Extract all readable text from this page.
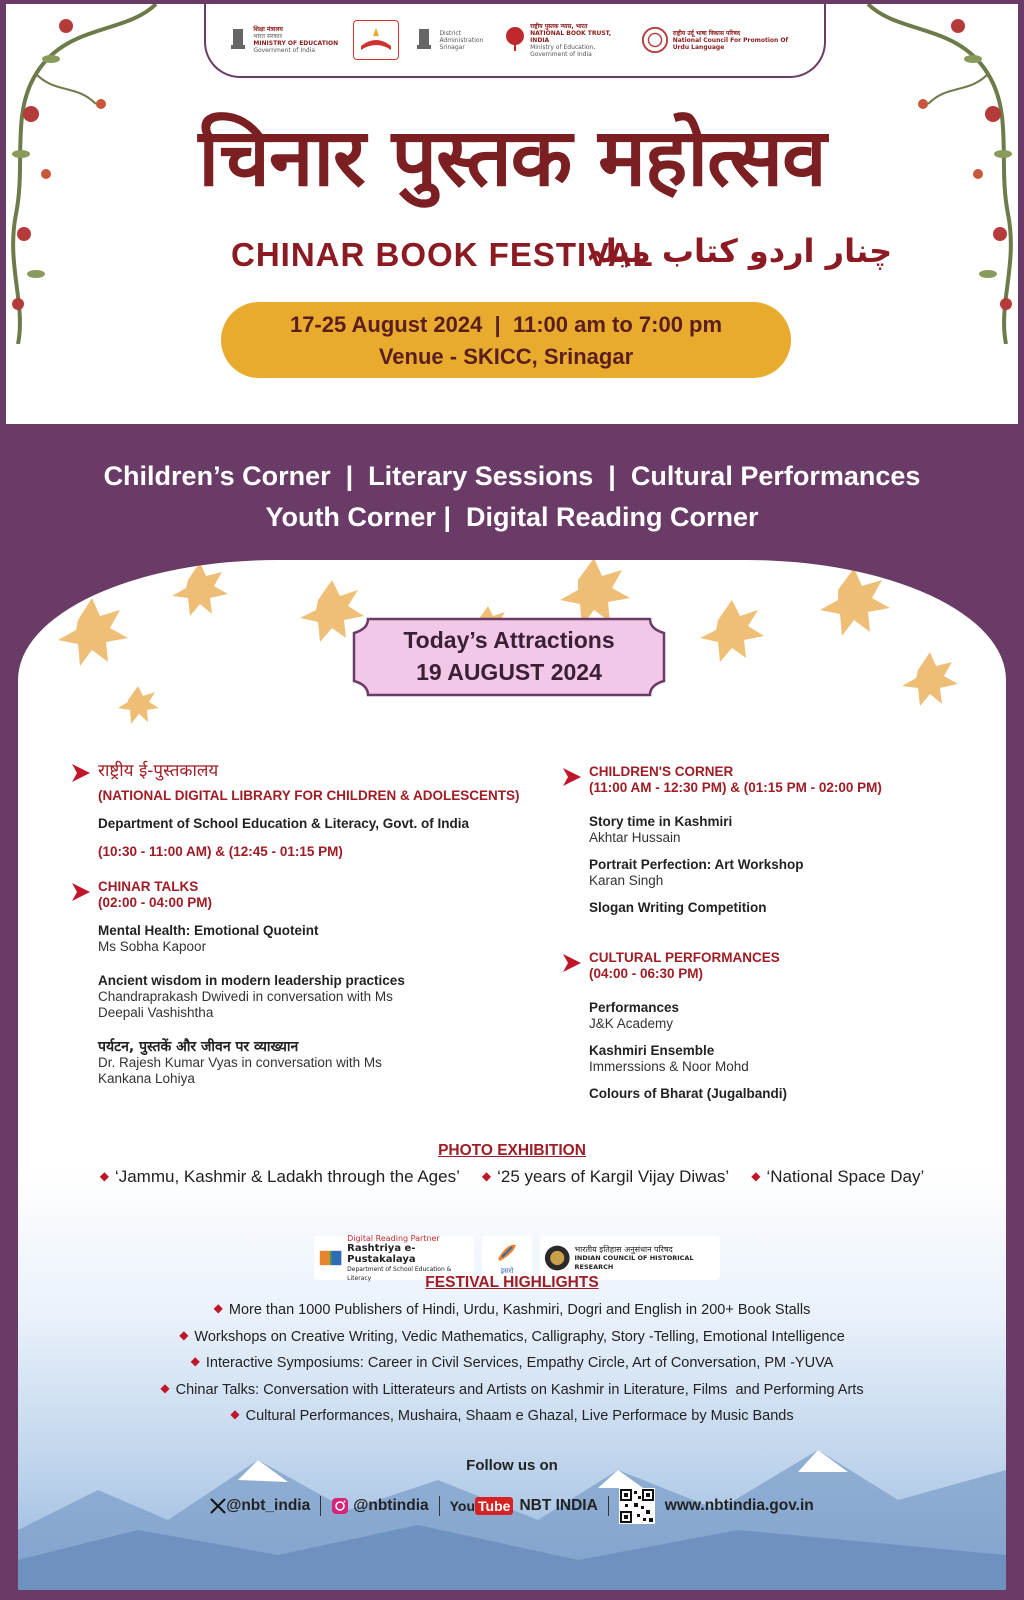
शिक्षा मंत्रालय
भारत सरकार
MINISTRY OF EDUCATION
Government of India
District Administration Srinagar
राष्ट्रीय पुस्तक न्यास, भारत
NATIONAL BOOK TRUST, INDIA
Ministry of Education, Government of India
राष्ट्रीय उर्दू भाषा विकास परिषद
National Council For Promotion Of Urdu Language
चिनार पुस्तक महोत्सव
CHINAR BOOK FESTIVAL
چنار اردو کتاب میلہ
17-25 August 2024  |  11:00 am to 7:00 pm
Venue - SKICC, Srinagar
Children’s Corner  |  Literary Sessions  |  Cultural Performances
Youth Corner |  Digital Reading Corner
Today’s Attractions
19 AUGUST 2024
राष्ट्रीय ई-पुस्तकालय
(NATIONAL DIGITAL LIBRARY FOR CHILDREN & ADOLESCENTS)
Department of School Education & Literacy, Govt. of India
(10:30 - 11:00 AM) & (12:45 - 01:15 PM)
CHINAR TALKS
(02:00 - 04:00 PM)
Mental Health: Emotional Quoteint
Ms Sobha Kapoor
Ancient wisdom in modern leadership practices
Chandraprakash Dwivedi in conversation with Ms Deepali Vashishtha
पर्यटन, पुस्तकें और जीवन पर व्याख्यान
Dr. Rajesh Kumar Vyas in conversation with Ms Kankana Lohiya
CHILDREN'S CORNER
(11:00 AM - 12:30 PM) & (01:15 PM - 02:00 PM)
Story time in Kashmiri
Akhtar Hussain
Portrait Perfection: Art Workshop
Karan Singh
Slogan Writing Competition
CULTURAL PERFORMANCES
(04:00 - 06:30 PM)
Performances
J&K Academy
Kashmiri Ensemble
Immerssions & Noor Mohd
Colours of Bharat (Jugalbandi)
PHOTO EXHIBITION
◆ ‘Jammu, Kashmir & Ladakh through the Ages’ ◆ ‘25 years of Kargil Vijay Diwas’ ◆ ‘National Space Day’
Digital Reading Partner
Rashtriya e-Pustakalaya
Department of School Education & Literacy
इसरो
भारतीय इतिहास अनुसंधान परिषद
INDIAN COUNCIL OF HISTORICAL RESEARCH
FESTIVAL HIGHLIGHTS
◆ More than 1000 Publishers of Hindi, Urdu, Kashmiri, Dogri and English in 200+ Book Stalls
◆ Workshops on Creative Writing, Vedic Mathematics, Calligraphy, Story -Telling, Emotional Intelligence
◆ Interactive Symposiums: Career in Civil Services, Empathy Circle, Art of Conversation, PM -YUVA
◆ Chinar Talks: Conversation with Litterateurs and Artists on Kashmir in Literature, Films  and Performing Arts
◆ Cultural Performances, Mushaira, Shaam e Ghazal, Live Performace by Music Bands
Follow us on
@nbt_india	@nbtindia You Tube NBT INDIA	www.nbtindia.gov.in
